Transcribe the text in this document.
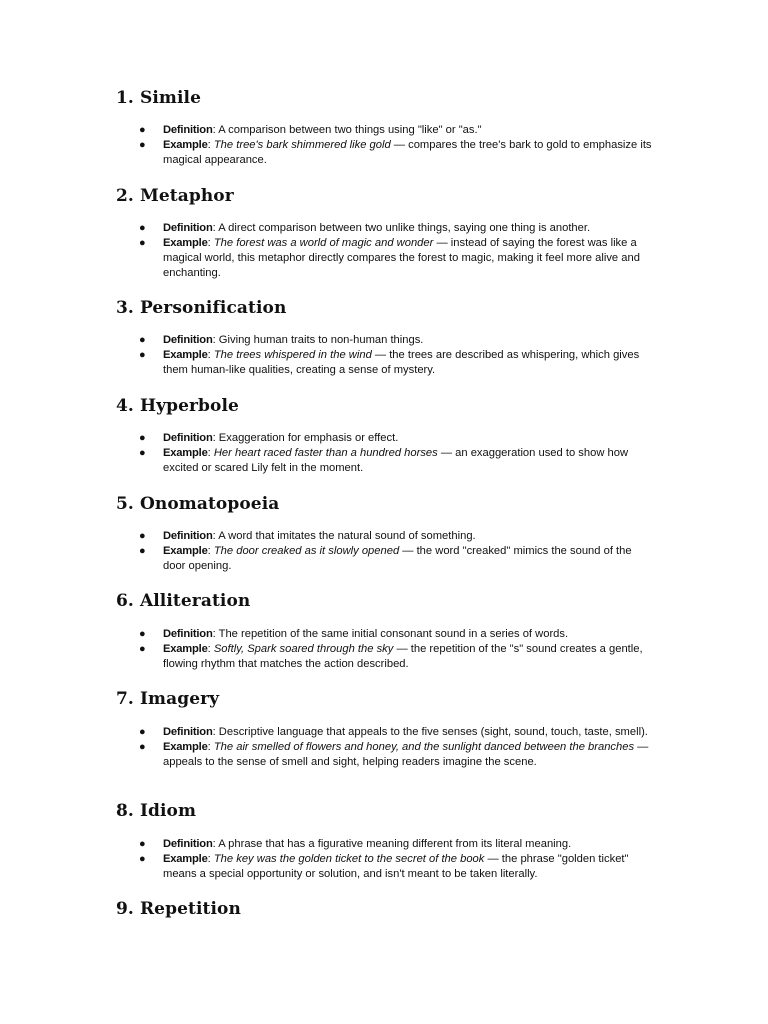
1. Simile
● Definition: A comparison between two things using "like" or "as."
● Example: The tree's bark shimmered like gold — compares the tree's bark to gold to emphasize its magical appearance.
2. Metaphor
● Definition: A direct comparison between two unlike things, saying one thing is another.
● Example: The forest was a world of magic and wonder — instead of saying the forest was like a magical world, this metaphor directly compares the forest to magic, making it feel more alive and enchanting.
3. Personification
● Definition: Giving human traits to non-human things.
● Example: The trees whispered in the wind — the trees are described as whispering, which gives them human-like qualities, creating a sense of mystery.
4. Hyperbole
● Definition: Exaggeration for emphasis or effect.
● Example: Her heart raced faster than a hundred horses — an exaggeration used to show how excited or scared Lily felt in the moment.
5. Onomatopoeia
● Definition: A word that imitates the natural sound of something.
● Example: The door creaked as it slowly opened — the word "creaked" mimics the sound of the door opening.
6. Alliteration
● Definition: The repetition of the same initial consonant sound in a series of words.
● Example: Softly, Spark soared through the sky — the repetition of the "s" sound creates a gentle, flowing rhythm that matches the action described.
7. Imagery
● Definition: Descriptive language that appeals to the five senses (sight, sound, touch, taste, smell).
● Example: The air smelled of flowers and honey, and the sunlight danced between the branches — appeals to the sense of smell and sight, helping readers imagine the scene.
8. Idiom
● Definition: A phrase that has a figurative meaning different from its literal meaning.
● Example: The key was the golden ticket to the secret of the book — the phrase "golden ticket" means a special opportunity or solution, and isn't meant to be taken literally.
9. Repetition
